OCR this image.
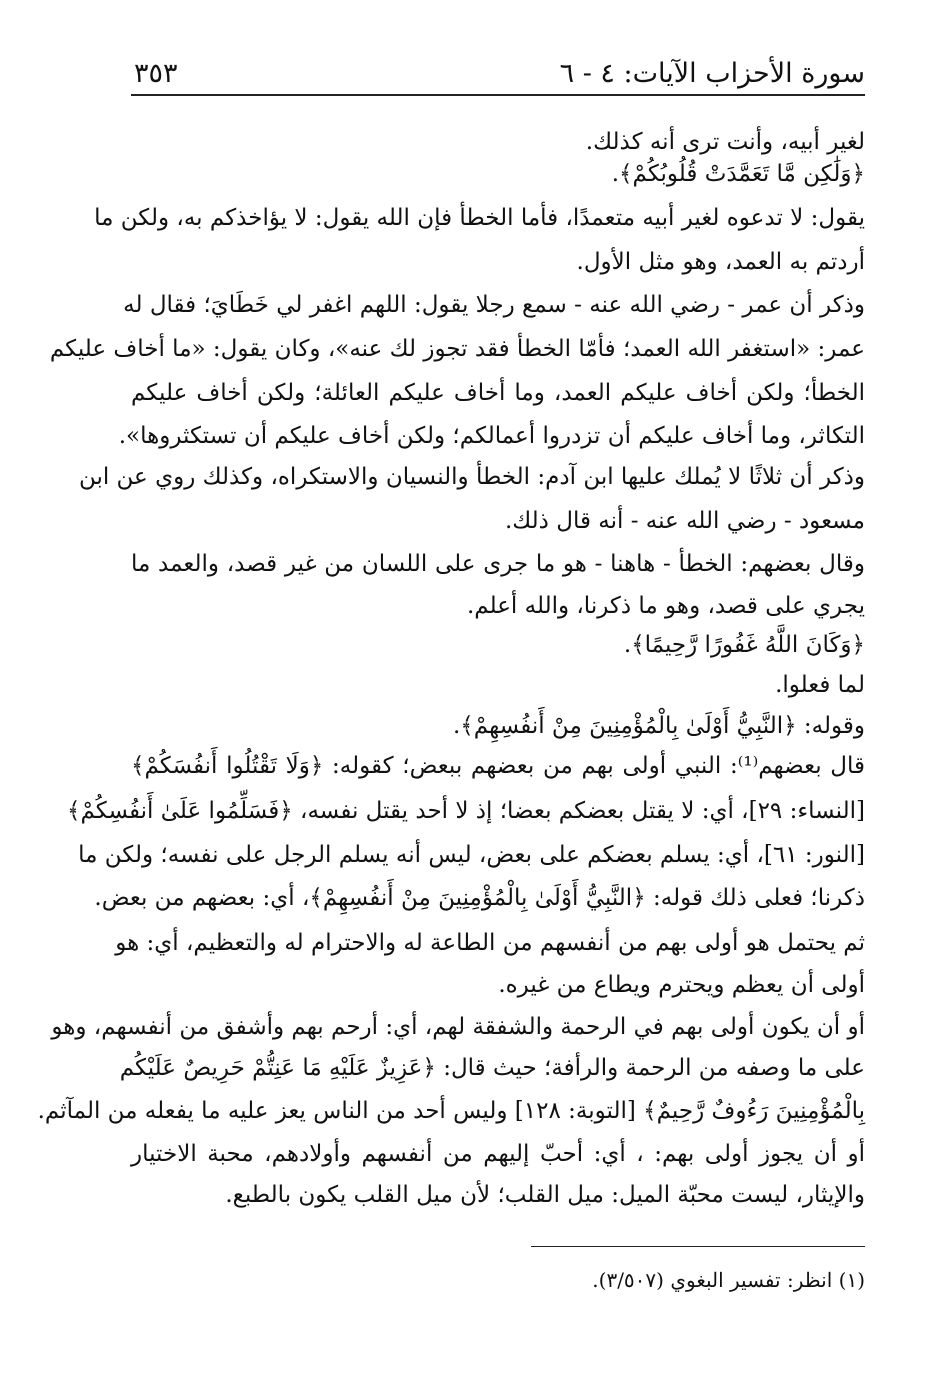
سورة الأحزاب الآيات: ٤ - ٦
٣٥٣
لغير أبيه، وأنت ترى أنه كذلك.
﴿وَلَٰكِن مَّا تَعَمَّدَتْ قُلُوبُكُمْ﴾.
يقول: لا تدعوه لغير أبيه متعمدًا، فأما الخطأ فإن الله يقول: لا يؤاخذكم به، ولكن ما
أردتم به العمد، وهو مثل الأول.
وذكر أن عمر - رضي الله عنه - سمع رجلا يقول: اللهم اغفر لي خَطَايَ؛ فقال له
عمر: «استغفر الله العمد؛ فأمّا الخطأ فقد تجوز لك عنه»، وكان يقول: «ما أخاف عليكم
الخطأ؛ ولكن أخاف عليكم العمد، وما أخاف عليكم العائلة؛ ولكن أخاف عليكم
التكاثر، وما أخاف عليكم أن تزدروا أعمالكم؛ ولكن أخاف عليكم أن تستكثروها».
وذكر أن ثلاثًا لا يُملك عليها ابن آدم: الخطأ والنسيان والاستكراه، وكذلك روي عن ابن
مسعود - رضي الله عنه - أنه قال ذلك.
وقال بعضهم: الخطأ - هاهنا - هو ما جرى على اللسان من غير قصد، والعمد ما
يجري على قصد، وهو ما ذكرنا، والله أعلم.
﴿وَكَانَ اللَّهُ غَفُورًا رَّحِيمًا﴾.
لما فعلوا.
وقوله: ﴿النَّبِيُّ أَوْلَىٰ بِالْمُؤْمِنِينَ مِنْ أَنفُسِهِمْ﴾.
قال بعضهم⁽¹⁾: النبي أولى بهم من بعضهم ببعض؛ كقوله: ﴿وَلَا تَقْتُلُوا أَنفُسَكُمْ﴾
[النساء: ٢٩]، أي: لا يقتل بعضكم بعضا؛ إذ لا أحد يقتل نفسه، ﴿فَسَلِّمُوا عَلَىٰ أَنفُسِكُمْ﴾
[النور: ٦١]، أي: يسلم بعضكم على بعض، ليس أنه يسلم الرجل على نفسه؛ ولكن ما
ذكرنا؛ فعلى ذلك قوله: ﴿النَّبِيُّ أَوْلَىٰ بِالْمُؤْمِنِينَ مِنْ أَنفُسِهِمْ﴾، أي: بعضهم من بعض.
ثم يحتمل هو أولى بهم من أنفسهم من الطاعة له والاحترام له والتعظيم، أي: هو
أولى أن يعظم ويحترم ويطاع من غيره.
أو أن يكون أولى بهم في الرحمة والشفقة لهم، أي: أرحم بهم وأشفق من أنفسهم، وهو
على ما وصفه من الرحمة والرأفة؛ حيث قال: ﴿عَزِيزٌ عَلَيْهِ مَا عَنِتُّمْ حَرِيصٌ عَلَيْكُم
بِالْمُؤْمِنِينَ رَءُوفٌ رَّحِيمٌ﴾ [التوبة: ١٢٨] وليس أحد من الناس يعز عليه ما يفعله من المآثم.
أو أن يجوز أولى بهم: ، أي: أحبّ إليهم من أنفسهم وأولادهم، محبة الاختيار
والإيثار، ليست محبّة الميل: ميل القلب؛ لأن ميل القلب يكون بالطبع.
(١) انظر: تفسير البغوي (٣/٥٠٧).
